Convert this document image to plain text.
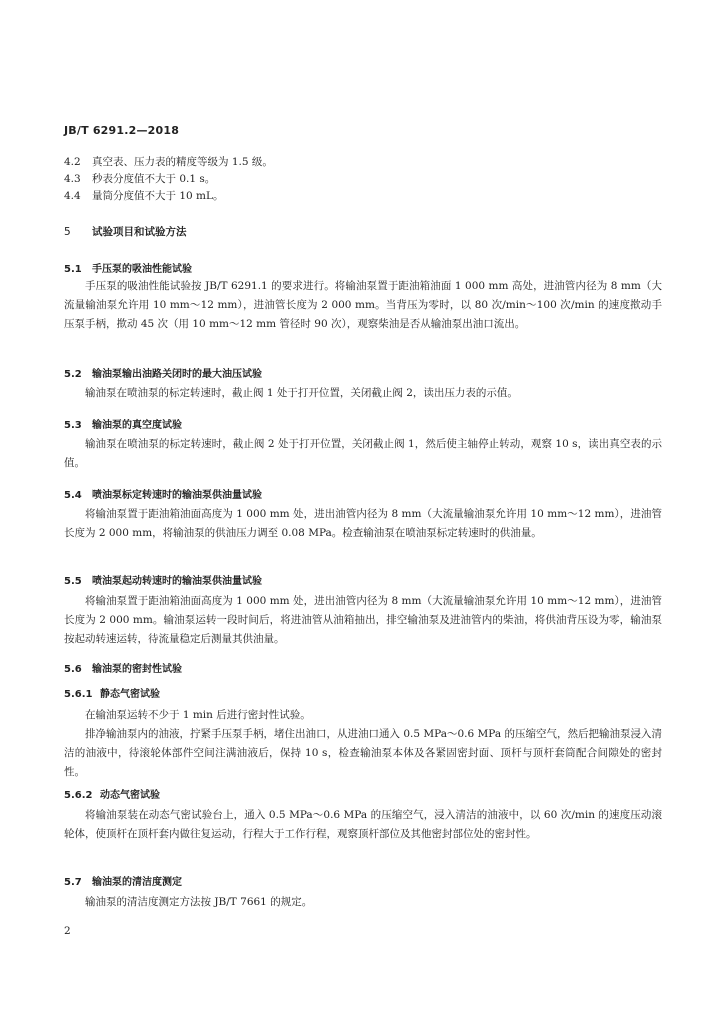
JB/T 6291.2—2018
4.2 真空表、压力表的精度等级为 1.5 级。
4.3 秒表分度值不大于 0.1 s。
4.4 量筒分度值不大于 10 mL。
5 试验项目和试验方法
5.1 手压泵的吸油性能试验
手压泵的吸油性能试验按 JB/T 6291.1 的要求进行。将输油泵置于距油箱油面 1 000 mm 高处，进油管内径为 8 mm（大流量输油泵允许用 10 mm～12 mm），进油管长度为 2 000 mm。当背压为零时，以 80 次/min～100 次/min 的速度揿动手压泵手柄，揿动 45 次（用 10 mm～12 mm 管径时 90 次），观察柴油是否从输油泵出油口流出。
5.2 输油泵输出油路关闭时的最大油压试验
输油泵在喷油泵的标定转速时，截止阀 1 处于打开位置，关闭截止阀 2，读出压力表的示值。
5.3 输油泵的真空度试验
输油泵在喷油泵的标定转速时，截止阀 2 处于打开位置，关闭截止阀 1，然后使主轴停止转动，观察 10 s，读出真空表的示值。
5.4 喷油泵标定转速时的输油泵供油量试验
将输油泵置于距油箱油面高度为 1 000 mm 处，进出油管内径为 8 mm（大流量输油泵允许用 10 mm～12 mm），进油管长度为 2 000 mm，将输油泵的供油压力调至 0.08 MPa。检查输油泵在喷油泵标定转速时的供油量。
5.5 喷油泵起动转速时的输油泵供油量试验
将输油泵置于距油箱油面高度为 1 000 mm 处，进出油管内径为 8 mm（大流量输油泵允许用 10 mm～12 mm），进油管长度为 2 000 mm。输油泵运转一段时间后，将进油管从油箱抽出，排空输油泵及进油管内的柴油，将供油背压设为零，输油泵按起动转速运转，待流量稳定后测量其供油量。
5.6 输油泵的密封性试验
5.6.1 静态气密试验
在输油泵运转不少于 1 min 后进行密封性试验。
排净输油泵内的油液，拧紧手压泵手柄，堵住出油口，从进油口通入 0.5 MPa～0.6 MPa 的压缩空气，然后把输油泵浸入清洁的油液中，待滚轮体部件空间注满油液后，保持 10 s，检查输油泵本体及各紧固密封面、顶杆与顶杆套筒配合间隙处的密封性。
5.6.2 动态气密试验
将输油泵装在动态气密试验台上，通入 0.5 MPa～0.6 MPa 的压缩空气，浸入清洁的油液中，以 60 次/min 的速度压动滚轮体，使顶杆在顶杆套内做往复运动，行程大于工作行程，观察顶杆部位及其他密封部位处的密封性。
5.7 输油泵的清洁度测定
输油泵的清洁度测定方法按 JB/T 7661 的规定。
2
